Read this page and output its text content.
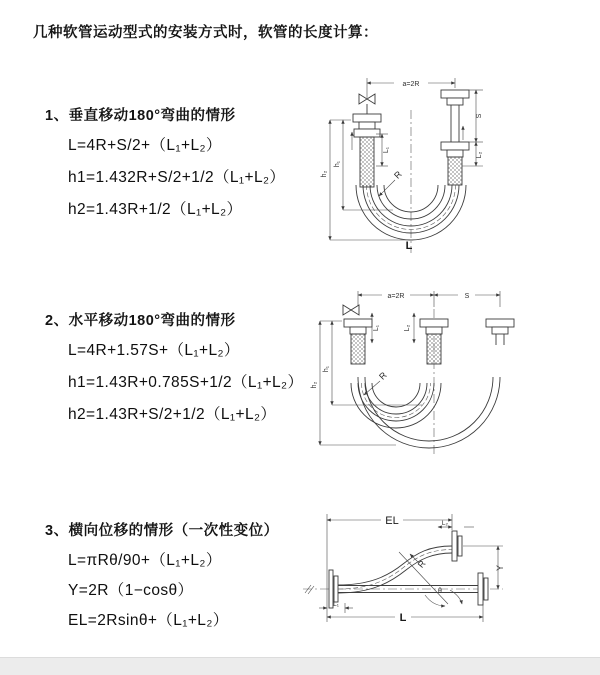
几种软管运动型式的安装方式时，软管的长度计算：
1、垂直移动180°弯曲的情形
L=4R+S/2+（L₁+L₂）
h1=1.432R+S/2+1/2（L₁+L₂）
h2=1.43R+1/2（L₁+L₂）
2、水平移动180°弯曲的情形
L=4R+1.57S+（L₁+L₂）
h1=1.43R+0.785S+1/2（L₁+L₂）
h2=1.43R+S/2+1/2（L₁+L₂）
3、横向位移的情形（一次性变位）
L=πRθ/90+（L₁+L₂）
Y=2R（1−cosθ）
EL=2Rsinθ+（L₁+L₂）
a=2R
h₂
h₁
L₁
S
L₂
R
L
a=2R	S
h₂
h₁
L₁	L₂
R
EL	L₂
Y
R
θ
L
L₁
